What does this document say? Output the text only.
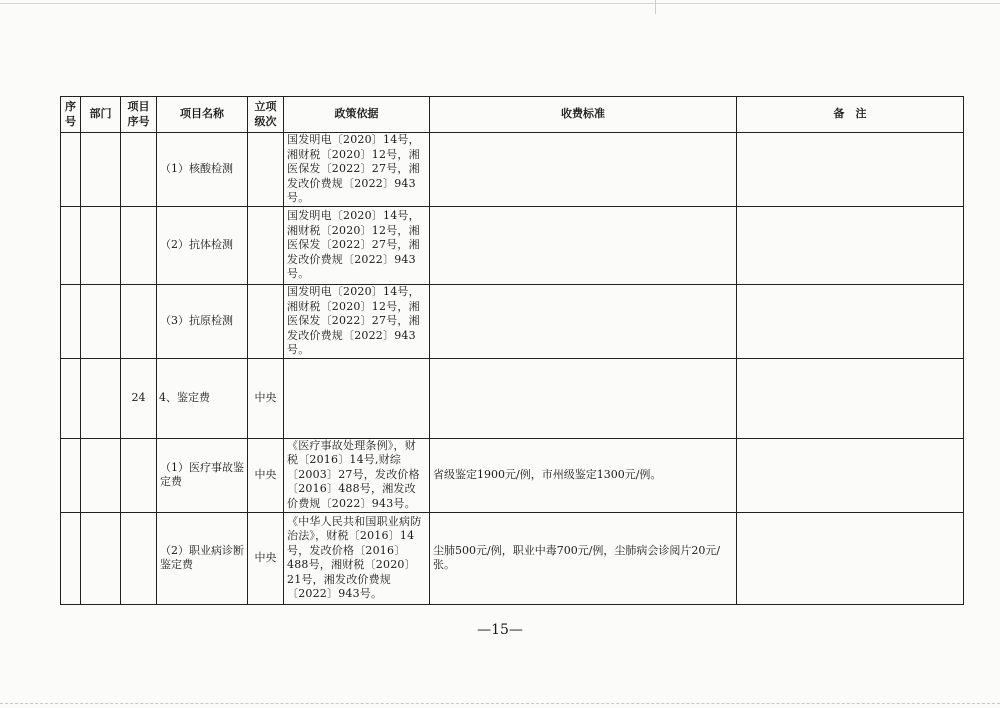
序号	部门	项目序号	项目名称	立项级次	政策依据	收费标准	备　注
			（1）核酸检测		国发明电〔2020〕14号，湘财税〔2020〕12号，湘医保发〔2022〕27号，湘发改价费规〔2022〕943号。		
			（2）抗体检测		国发明电〔2020〕14号，湘财税〔2020〕12号，湘医保发〔2022〕27号，湘发改价费规〔2022〕943号。		
			（3）抗原检测		国发明电〔2020〕14号，湘财税〔2020〕12号，湘医保发〔2022〕27号，湘发改价费规〔2022〕943号。		
		24	4、鉴定费	中央			
			（1）医疗事故鉴定费	中央	《医疗事故处理条例》，财税〔2016〕14号,财综〔2003〕27号，发改价格〔2016〕488号，湘发改价费规〔2022〕943号。	省级鉴定1900元/例，市州级鉴定1300元/例。	
			（2）职业病诊断鉴定费	中央	《中华人民共和国职业病防治法》，财税〔2016〕14号，发改价格〔2016〕488号，湘财税〔2020〕21号，湘发改价费规〔2022〕943号。	尘肺500元/例，职业中毒700元/例，尘肺病会诊阅片20元/张。	
—15—
